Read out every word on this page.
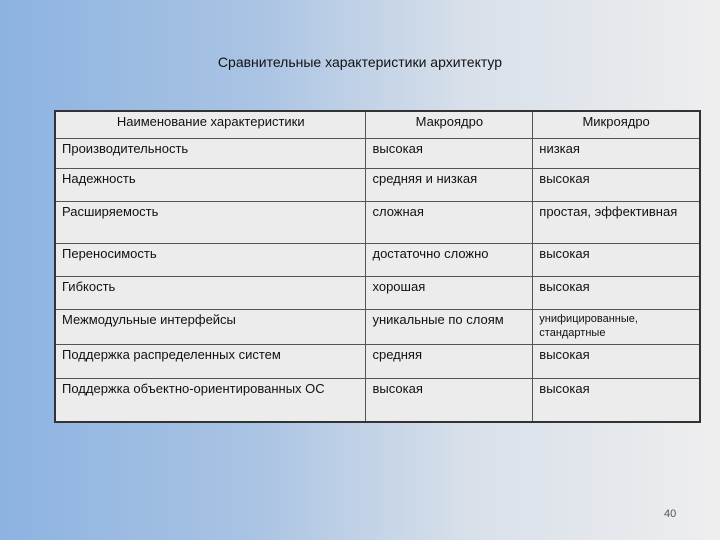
Сравнительные характеристики архитектур
Наименование характеристики	Макроядро	Микроядро
Производительность	высокая	низкая
Надежность	средняя и низкая	высокая
Расширяемость	сложная	простая, эффективная
Переносимость	достаточно сложно	высокая
Гибкость	хорошая	высокая
Межмодульные интерфейсы	уникальные по слоям	унифицированные, стандартные

Поддержка распределенных систем	средняя	высокая
Поддержка объектно-ориентированных ОС	высокая	высокая
40
